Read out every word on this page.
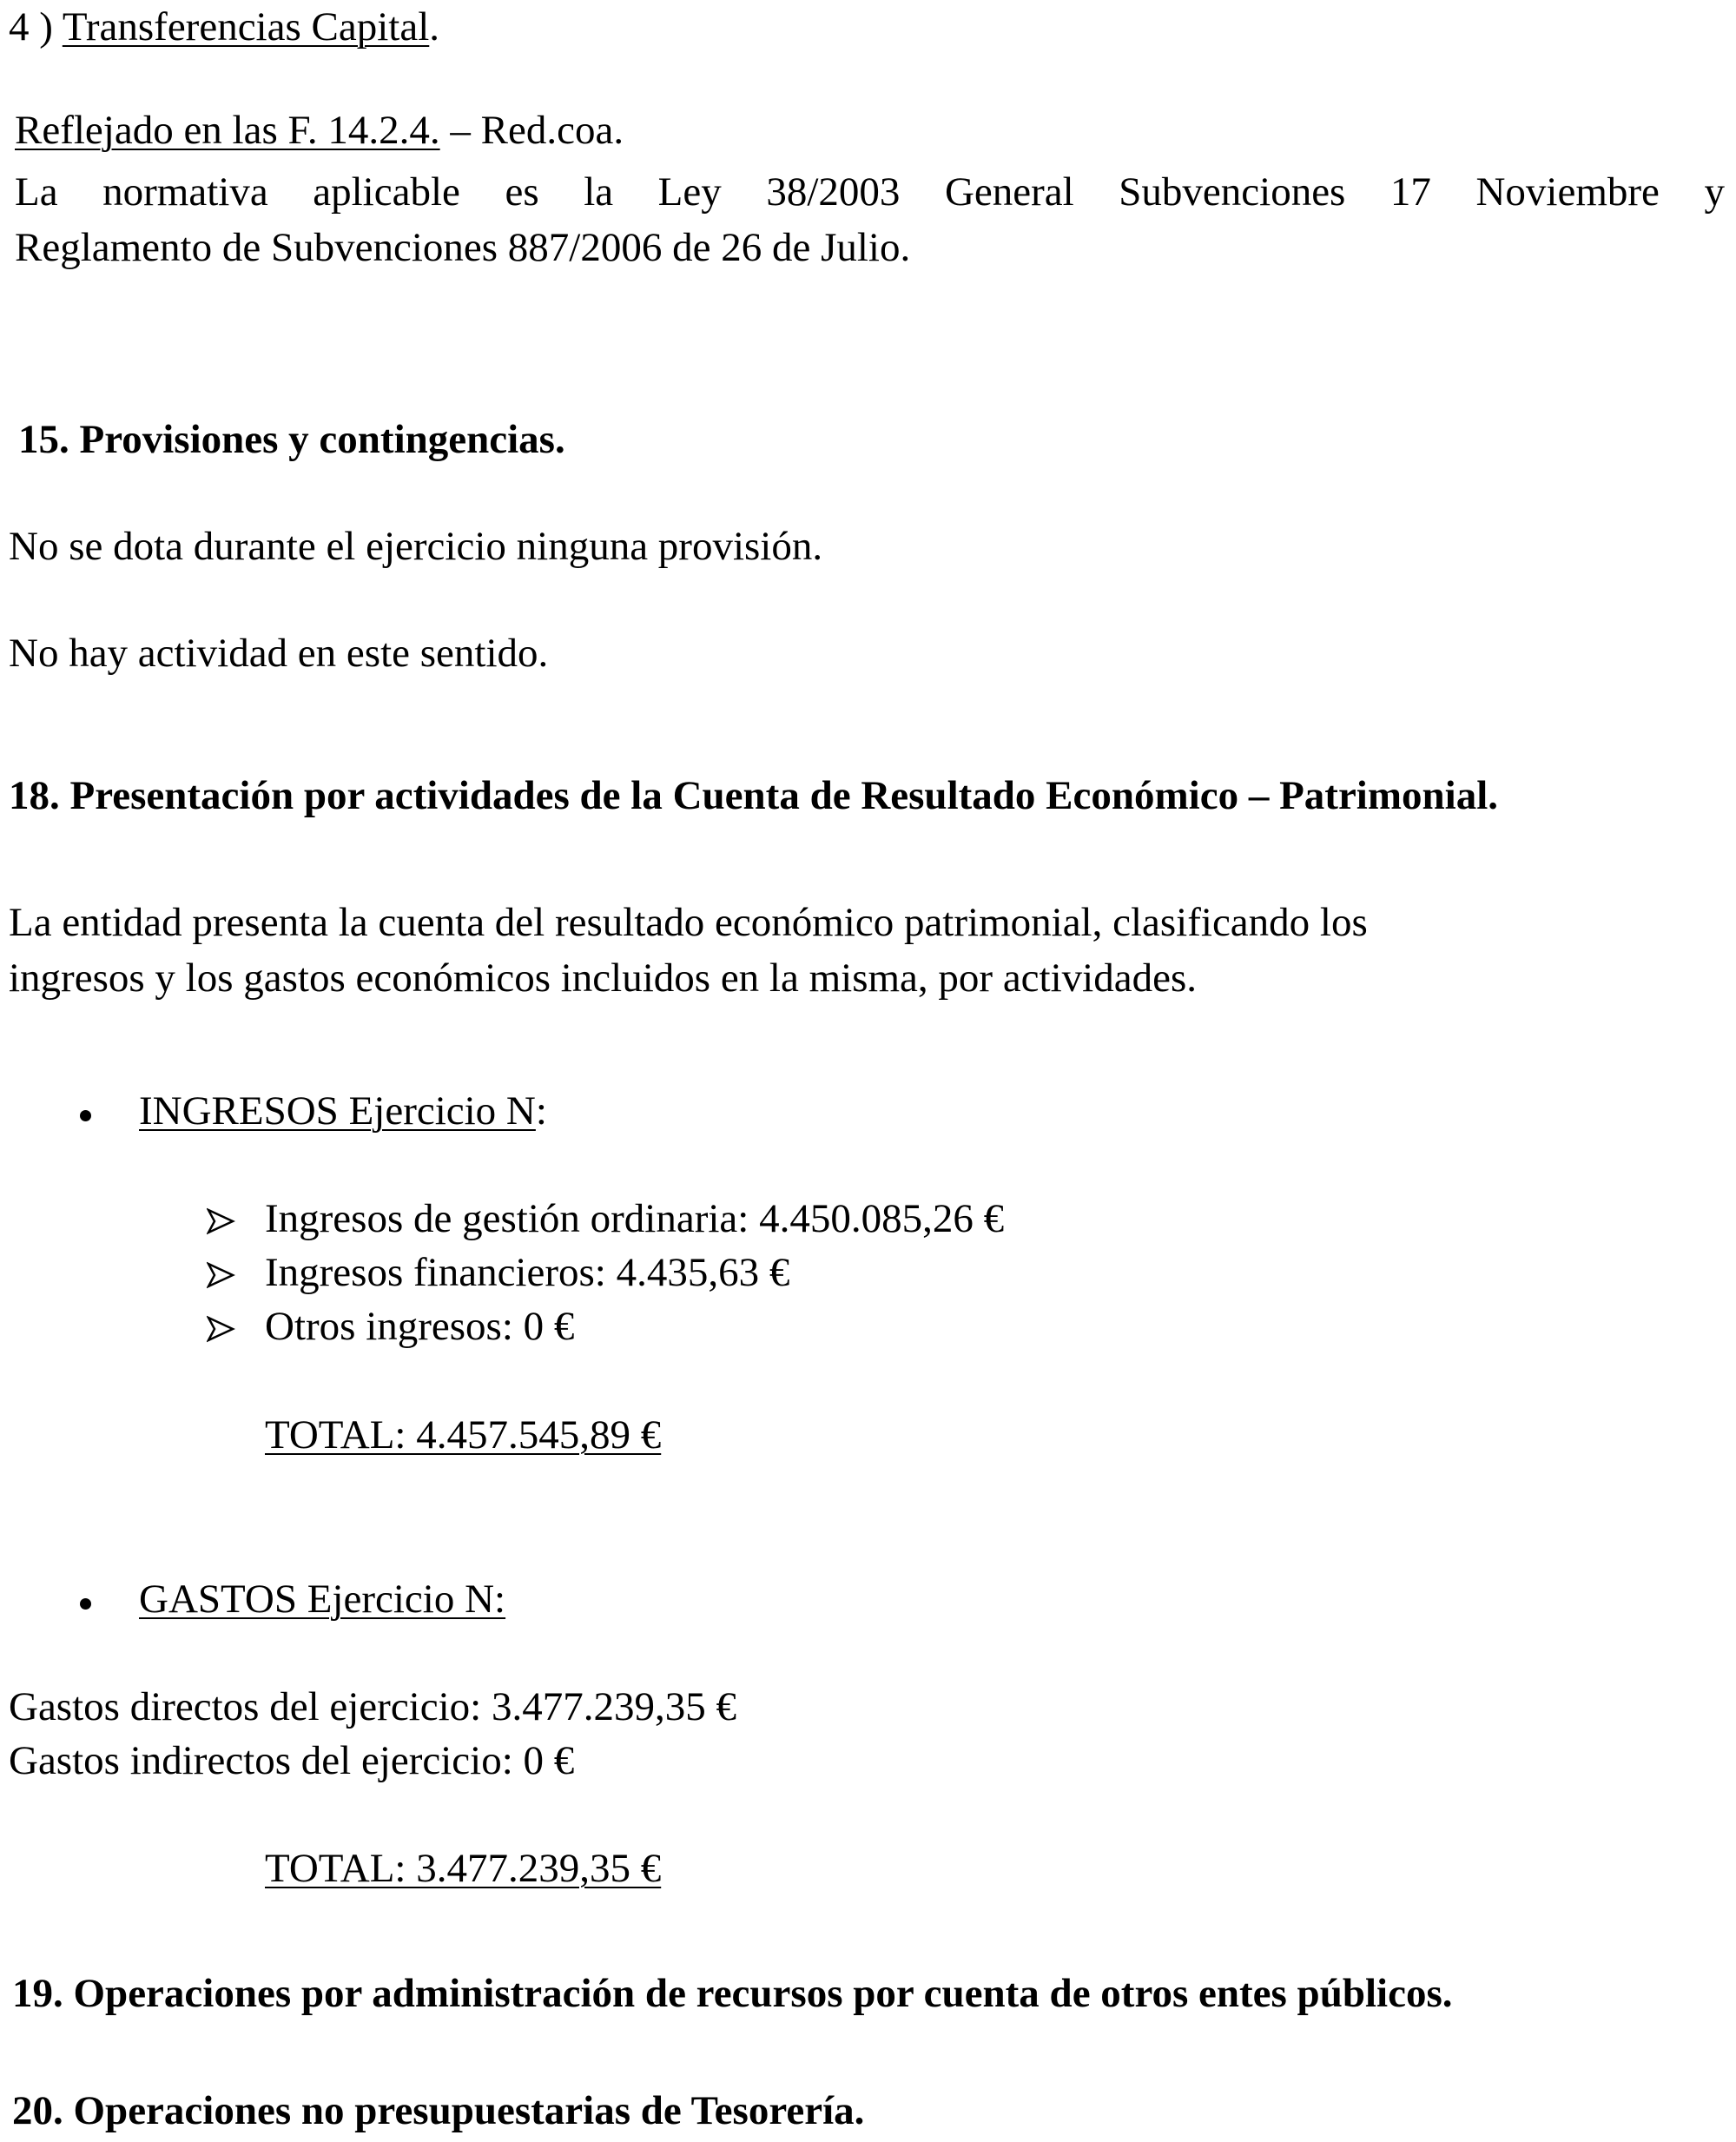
4 ) Transferencias Capital.
Reflejado en las F. 14.2.4. – Red.coa.
La normativa aplicable es la Ley 38/2003 General Subvenciones 17 Noviembre y
Reglamento de Subvenciones 887/2006 de 26 de Julio.
15. Provisiones y contingencias.
No se dota durante el ejercicio ninguna provisión.
No hay actividad en este sentido.
18. Presentación por actividades de la Cuenta de Resultado Económico – Patrimonial.
La entidad presenta la cuenta del resultado económico patrimonial, clasificando los
ingresos y los gastos económicos incluidos en la misma, por actividades.
INGRESOS Ejercicio N:
Ingresos de gestión ordinaria: 4.450.085,26 €
Ingresos financieros: 4.435,63 €
Otros ingresos: 0 €
TOTAL: 4.457.545,89 €
GASTOS Ejercicio N:
Gastos directos del ejercicio: 3.477.239,35 €
Gastos indirectos del ejercicio: 0 €
TOTAL: 3.477.239,35 €
19. Operaciones por administración de recursos por cuenta de otros entes públicos.
20. Operaciones no presupuestarias de Tesorería.
